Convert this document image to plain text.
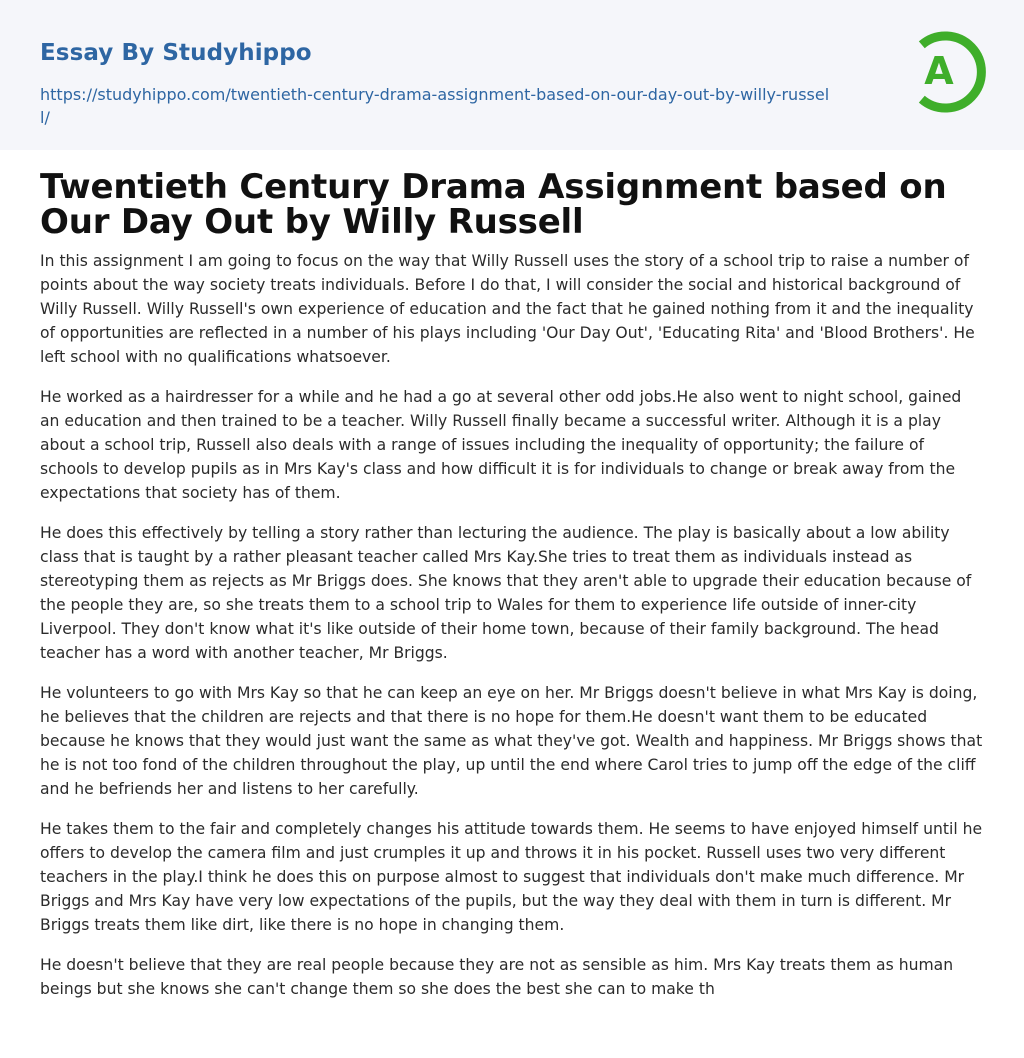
Essay By Studyhippo
https://studyhippo.com/twentieth-century-drama-assignment-based-on-our-day-out-by-willy-russell/
A
Twentieth Century Drama Assignment based on Our Day Out by Willy Russell

In this assignment I am going to focus on the way that Willy Russell uses the story of a school trip to raise a number of points about the way society treats individuals. Before I do that, I will consider the social and historical background of Willy Russell. Willy Russell's own experience of education and the fact that he gained nothing from it and the inequality of opportunities are reflected in a number of his plays including 'Our Day Out', 'Educating Rita' and 'Blood Brothers'. He left school with no qualifications whatsoever.

He worked as a hairdresser for a while and he had a go at several other odd jobs.He also went to night school, gained an education and then trained to be a teacher. Willy Russell finally became a successful writer. Although it is a play about a school trip, Russell also deals with a range of issues including the inequality of opportunity; the failure of schools to develop pupils as in Mrs Kay's class and how difficult it is for individuals to change or break away from the expectations that society has of them.

He does this effectively by telling a story rather than lecturing the audience. The play is basically about a low ability class that is taught by a rather pleasant teacher called Mrs Kay.She tries to treat them as individuals instead as stereotyping them as rejects as Mr Briggs does. She knows that they aren't able to upgrade their education because of the people they are, so she treats them to a school trip to Wales for them to experience life outside of inner-city Liverpool. They don't know what it's like outside of their home town, because of their family background. The head teacher has a word with another teacher, Mr Briggs.

He volunteers to go with Mrs Kay so that he can keep an eye on her. Mr Briggs doesn't believe in what Mrs Kay is doing, he believes that the children are rejects and that there is no hope for them.He doesn't want them to be educated because he knows that they would just want the same as what they've got. Wealth and happiness. Mr Briggs shows that he is not too fond of the children throughout the play, up until the end where Carol tries to jump off the edge of the cliff and he befriends her and listens to her carefully.

He takes them to the fair and completely changes his attitude towards them. He seems to have enjoyed himself until he offers to develop the camera film and just crumples it up and throws it in his pocket. Russell uses two very different teachers in the play.I think he does this on purpose almost to suggest that individuals don't make much difference. Mr Briggs and Mrs Kay have very low expectations of the pupils, but the way they deal with them in turn is different. Mr Briggs treats them like dirt, like there is no hope in changing them.

He doesn't believe that they are real people because they are not as sensible as him. Mrs Kay treats them as human beings but she knows she can't change them so she does the best she can to make th
